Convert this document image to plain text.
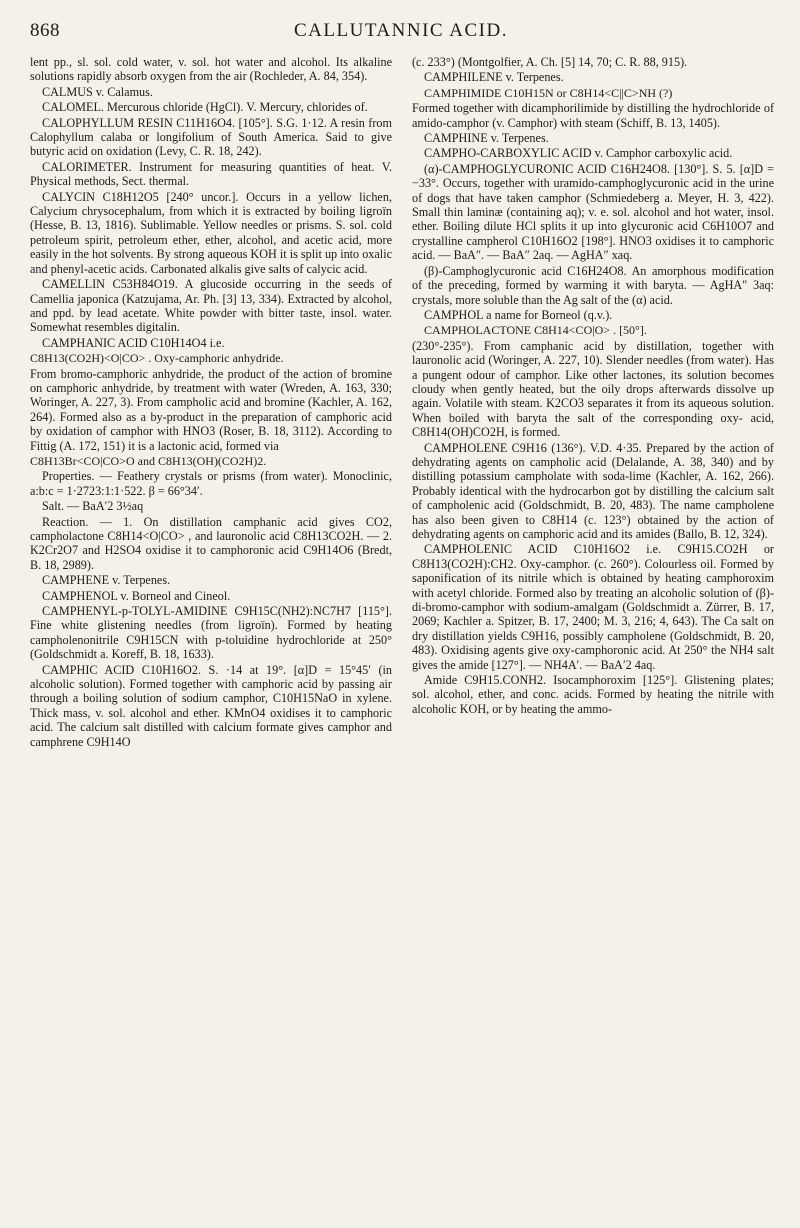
868	CALLUTANNIC ACID.

lent pp., sl. sol. cold water, v. sol. hot water and alcohol. Its alkaline solutions rapidly absorb oxygen from the air (Rochleder, A. 84, 354).

CALMUS v. Calamus.

CALOMEL. Mercurous chloride (HgCl). V. Mercury, chlorides of.

CALOPHYLLUM RESIN C11H16O4. [105°]. S.G. 1·12. A resin from Calophyllum calaba or longifolium of South America. Said to give butyric acid on oxidation (Levy, C. R. 18, 242).

CALORIMETER. Instrument for measuring quantities of heat. V. Physical methods, Sect. thermal.

CALYCIN C18H12O5 [240° uncor.]. Occurs in a yellow lichen, Calycium chrysocephalum, from which it is extracted by boiling ligroïn (Hesse, B. 13, 1816). Sublimable. Yellow needles or prisms. S. sol. cold petroleum spirit, petroleum ether, ether, alcohol, and acetic acid, more easily in the hot solvents. By strong aqueous KOH it is split up into oxalic and phenyl-acetic acids. Carbonated alkalis give salts of calycic acid.

CAMELLIN C53H84O19. A glucoside occurring in the seeds of Camellia japonica (Katzujama, Ar. Ph. [3] 13, 334). Extracted by alcohol, and ppd. by lead acetate. White powder with bitter taste, insol. water. Somewhat resembles digitalin.

CAMPHANIC ACID C10H14O4 i.e.

C8H13(CO2H)<O|CO> . Oxy-camphoric anhydride.

From bromo-camphoric anhydride, the product of the action of bromine on camphoric anhydride, by treatment with water (Wreden, A. 163, 330; Woringer, A. 227, 3). From campholic acid and bromine (Kachler, A. 162, 264). Formed also as a by-product in the preparation of camphoric acid by oxidation of camphor with HNO3 (Roser, B. 18, 3112). According to Fittig (A. 172, 151) it is a lactonic acid, formed via

C8H13Br<CO|CO>O and C8H13(OH)(CO2H)2.

Properties. — Feathery crystals or prisms (from water). Monoclinic, a:b:c = 1·2723:1:1·522. β = 66°34′.

Salt. — BaA′2 3½aq

Reaction. — 1. On distillation camphanic acid gives CO2, campholactone C8H14<O|CO> , and lauronolic acid C8H13CO2H. — 2. K2Cr2O7 and H2SO4 oxidise it to camphoronic acid C9H14O6 (Bredt, B. 18, 2989).

CAMPHENE v. Terpenes.

CAMPHENOL v. Borneol and Cineol.

CAMPHENYL-p-TOLYL-AMIDINE C9H15C(NH2):NC7H7 [115°]. Fine white glistening needles (from ligroïn). Formed by heating campholenonitrile C9H15CN with p-toluidine hydrochloride at 250° (Goldschmidt a. Koreff, B. 18, 1633).

CAMPHIC ACID C10H16O2. S. ·14 at 19°. [α]D = 15°45′ (in alcoholic solution). Formed together with camphoric acid by passing air through a boiling solution of sodium camphor, C10H15NaO in xylene. Thick mass, v. sol. alcohol and ether. KMnO4 oxidises it to camphoric acid. The calcium salt distilled with calcium formate gives camphor and camphrene C9H14O

(c. 233°) (Montgolfier, A. Ch. [5] 14, 70; C. R. 88, 915).

CAMPHILENE v. Terpenes.

CAMPHIMIDE C10H15N or C8H14<C||C>NH (?)

Formed together with dicamphorilimide by distilling the hydrochloride of amido-camphor (v. Camphor) with steam (Schiff, B. 13, 1405).

CAMPHINE v. Terpenes.

CAMPHO-CARBOXYLIC ACID v. Camphor carboxylic acid.

(α)-CAMPHOGLYCURONIC ACID C16H24O8. [130°]. S. 5. [α]D = −33°. Occurs, together with uramido-camphoglycuronic acid in the urine of dogs that have taken camphor (Schmiedeberg a. Meyer, H. 3, 422). Small thin laminæ (containing aq); v. e. sol. alcohol and hot water, insol. ether. Boiling dilute HCl splits it up into glycuronic acid C6H10O7 and crystalline campherol C10H16O2 [198°]. HNO3 oxidises it to camphoric acid. — BaA″. — BaA″ 2aq. — AgHA″ xaq.

(β)-Camphoglycuronic acid C16H24O8. An amorphous modification of the preceding, formed by warming it with baryta. — AgHA″ 3aq: crystals, more soluble than the Ag salt of the (α) acid.

CAMPHOL a name for Borneol (q.v.).

CAMPHOLACTONE C8H14<CO|O> . [50°].

(230°-235°). From camphanic acid by distillation, together with lauronolic acid (Woringer, A. 227, 10). Slender needles (from water). Has a pungent odour of camphor. Like other lactones, its solution becomes cloudy when gently heated, but the oily drops afterwards dissolve up again. Volatile with steam. K2CO3 separates it from its aqueous solution. When boiled with baryta the salt of the corresponding oxy- acid, C8H14(OH)CO2H, is formed.

CAMPHOLENE C9H16 (136°). V.D. 4·35. Prepared by the action of dehydrating agents on campholic acid (Delalande, A. 38, 340) and by distilling potassium campholate with soda-lime (Kachler, A. 162, 266). Probably identical with the hydrocarbon got by distilling the calcium salt of campholenic acid (Goldschmidt, B. 20, 483). The name campholene has also been given to C8H14 (c. 123°) obtained by the action of dehydrating agents on camphoric acid and its amides (Ballo, B. 12, 324).

CAMPHOLENIC ACID C10H16O2 i.e. C9H15.CO2H or C8H13(CO2H):CH2. Oxy-camphor. (c. 260°). Colourless oil. Formed by saponification of its nitrile which is obtained by heating camphoroxim with acetyl chloride. Formed also by treating an alcoholic solution of (β)-di-bromo-camphor with sodium-amalgam (Goldschmidt a. Zürrer, B. 17, 2069; Kachler a. Spitzer, B. 17, 2400; M. 3, 216; 4, 643). The Ca salt on dry distillation yields C9H16, possibly campholene (Goldschmidt, B. 20, 483). Oxidising agents give oxy-camphoronic acid. At 250° the NH4 salt gives the amide [127°]. — NH4A′. — BaA′2 4aq.

Amide C9H15.CONH2. Isocamphoroxim [125°]. Glistening plates; sol. alcohol, ether, and conc. acids. Formed by heating the nitrile with alcoholic KOH, or by heating the ammo-
